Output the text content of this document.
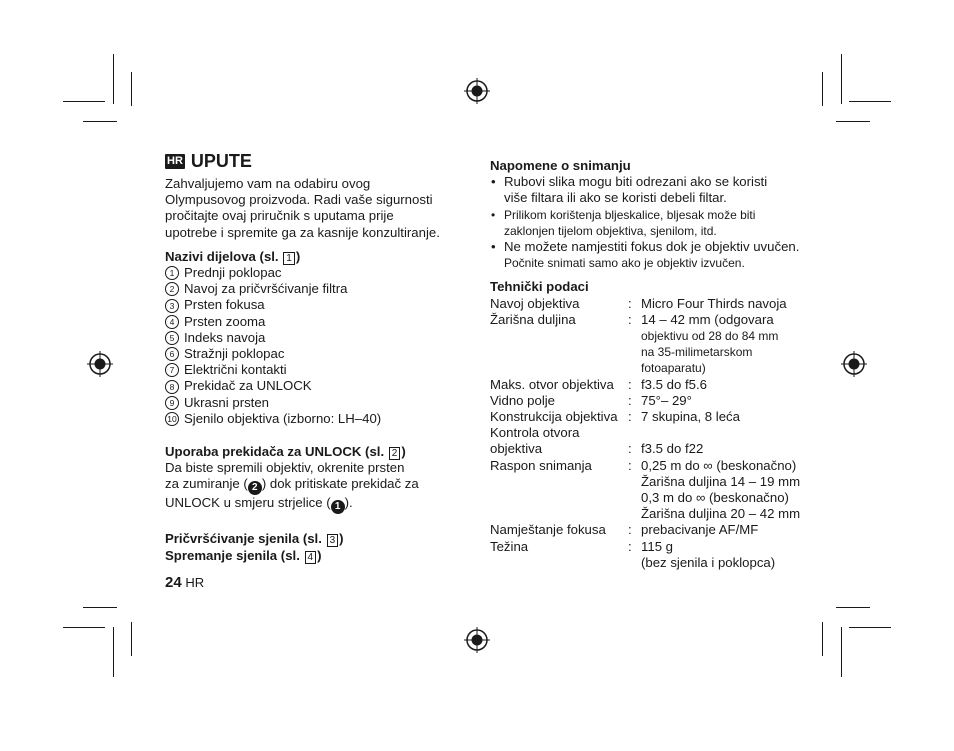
HR UPUTE
Zahvaljujemo vam na odabiru ovog
Olympusovog proizvoda. Radi vaše sigurnosti
pročitajte ovaj priručnik s uputama prije
upotrebe i spremite ga za kasnije konzultiranje.
Nazivi dijelova (sl. 1 )
1 Prednji poklopac
2 Navoj za pričvršćivanje filtra
3 Prsten fokusa
4 Prsten zooma
5 Indeks navoja
6 Stražnji poklopac
7 Električni kontakti
8 Prekidač za UNLOCK
9 Ukrasni prsten
10 Sjenilo objektiva (izborno: LH–40)
Uporaba prekidača za UNLOCK (sl. 2 )
Da biste spremili objektiv, okrenite prsten
za zumiranje ( 2 ) dok pritiskate prekidač za
UNLOCK u smjeru strjelice ( 1 ).
Pričvršćivanje sjenila (sl. 3 )
Spremanje sjenila (sl. 4 )
24 HR
Napomene o snimanju
• Rubovi slika mogu biti odrezani ako se koristi
više filtara ili ako se koristi debeli filtar.
• Prilikom korištenja bljeskalice, bljesak može biti
zaklonjen tijelom objektiva, sjenilom, itd.
• Ne možete namjestiti fokus dok je objektiv uvučen.
Počnite snimati samo ako je objektiv izvučen.
Tehnički podaci
Navoj objektiva	:	Micro Four Thirds navoja
Žarišna duljina	:	14 – 42 mm (odgovara
objektivu od 28 do 84 mm
na 35-milimetarskom
fotoaparatu)

Maks. otvor objektiva	:	f3.5 do f5.6
Vidno polje	:	75°– 29°
Konstrukcija objektiva	:	7 skupina, 8 leća
Kontrola otvora		
objektiva	:	f3.5 do f22
Raspon snimanja	:	0,25 m do ∞ (beskonačno)
Žarišna duljina 14 – 19 mm
0,3 m do ∞ (beskonačno)
Žarišna duljina 20 – 42 mm

Namještanje fokusa	:	prebacivanje AF/MF
Težina	:	115 g
(bez sjenila i poklopca)
